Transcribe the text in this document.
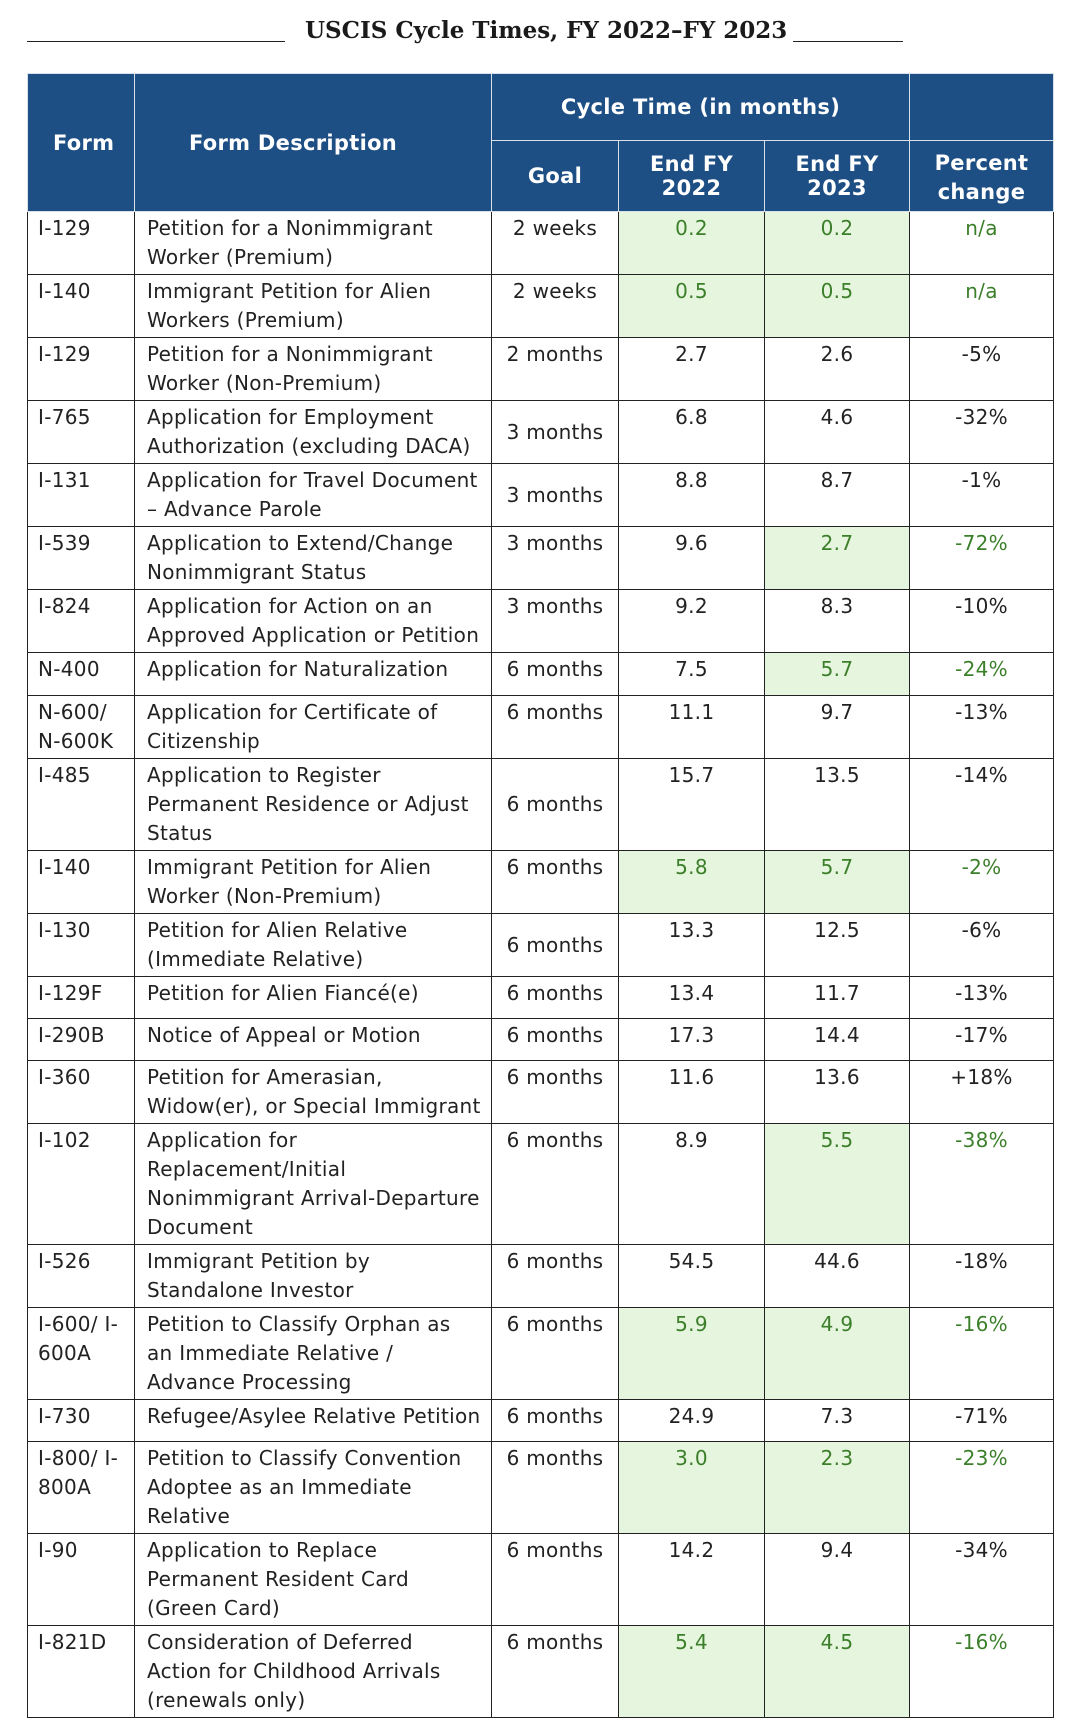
USCIS Cycle Times, FY 2022–FY 2023
Form	Form Description	Cycle Time (in months)			
		Goal	End FY 2022	End FY 2023	Percent
change
I-129	Petition for a Nonimmigrant Worker (Premium)	2 weeks	0.2	0.2	n/a
I-140	Immigrant Petition for Alien Workers (Premium)	2 weeks	0.5	0.5	n/a
I-129	Petition for a Nonimmigrant Worker (Non-Premium)	2 months	2.7	2.6	-5%
I-765	Application for Employment Authorization (excluding DACA)	3 months	6.8	4.6	-32%
I-131	Application for Travel Document – Advance Parole	3 months	8.8	8.7	-1%
I-539	Application to Extend/Change Nonimmigrant Status	3 months	9.6	2.7	-72%
I-824	Application for Action on an Approved Application or Petition	3 months	9.2	8.3	-10%
N-400	Application for Naturalization	6 months	7.5	5.7	-24%
N-600/ N-600K	Application for Certificate of Citizenship	6 months	11.1	9.7	-13%
I-485	Application to Register Permanent Residence or Adjust Status	6 months	15.7	13.5	-14%
I-140	Immigrant Petition for Alien Worker (Non-Premium)	6 months	5.8	5.7	-2%
I-130	Petition for Alien Relative (Immediate Relative)	6 months	13.3	12.5	-6%
I-129F	Petition for Alien Fiancé(e)	6 months	13.4	11.7	-13%
I-290B	Notice of Appeal or Motion	6 months	17.3	14.4	-17%
I-360	Petition for Amerasian, Widow(er), or Special Immigrant	6 months	11.6	13.6	+18%
I-102	Application for Replacement/Initial Nonimmigrant Arrival-Departure Document	6 months	8.9	5.5	-38%
I-526	Immigrant Petition by Standalone Investor	6 months	54.5	44.6	-18%
I-600/ I-600A	Petition to Classify Orphan as an Immediate Relative / Advance Processing	6 months	5.9	4.9	-16%
I-730	Refugee/Asylee Relative Petition	6 months	24.9	7.3	-71%
I-800/ I-800A	Petition to Classify Convention Adoptee as an Immediate Relative	6 months	3.0	2.3	-23%
I-90	Application to Replace Permanent Resident Card (Green Card)	6 months	14.2	9.4	-34%
I-821D	Consideration of Deferred Action for Childhood Arrivals (renewals only)	6 months	5.4	4.5	-16%
